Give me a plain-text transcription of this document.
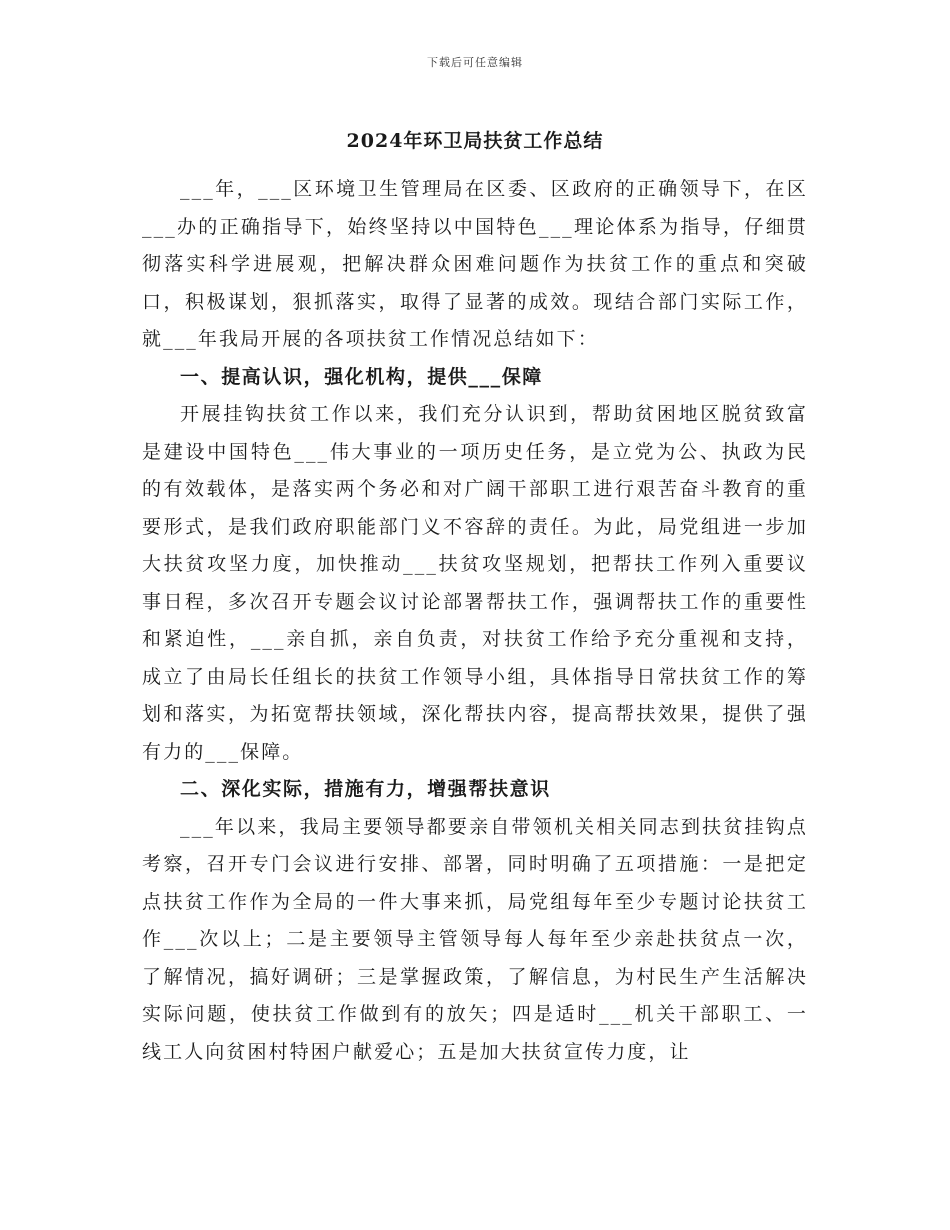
下载后可任意编辑
2024年环卫局扶贫工作总结

___年，___区环境卫生管理局在区委、区政府的正确领导下，在区___办的正确指导下，始终坚持以中国特色___理论体系为指导，仔细贯彻落实科学进展观，把解决群众困难问题作为扶贫工作的重点和突破口，积极谋划，狠抓落实，取得了显著的成效。现结合部门实际工作，就___年我局开展的各项扶贫工作情况总结如下：

一、提高认识，强化机构，提供___保障

开展挂钩扶贫工作以来，我们充分认识到，帮助贫困地区脱贫致富是建设中国特色___伟大事业的一项历史任务，是立党为公、执政为民的有效载体，是落实两个务必和对广阔干部职工进行艰苦奋斗教育的重要形式，是我们政府职能部门义不容辞的责任。为此，局党组进一步加大扶贫攻坚力度，加快推动___扶贫攻坚规划，把帮扶工作列入重要议事日程，多次召开专题会议讨论部署帮扶工作，强调帮扶工作的重要性和紧迫性，___亲自抓，亲自负责，对扶贫工作给予充分重视和支持，成立了由局长任组长的扶贫工作领导小组，具体指导日常扶贫工作的筹划和落实，为拓宽帮扶领域，深化帮扶内容，提高帮扶效果，提供了强有力的___保障。

二、深化实际，措施有力，增强帮扶意识

___年以来，我局主要领导都要亲自带领机关相关同志到扶贫挂钩点考察，召开专门会议进行安排、部署，同时明确了五项措施：一是把定点扶贫工作作为全局的一件大事来抓，局党组每年至少专题讨论扶贫工作___次以上；二是主要领导主管领导每人每年至少亲赴扶贫点一次，了解情况，搞好调研；三是掌握政策，了解信息，为村民生产生活解决实际问题，使扶贫工作做到有的放矢；四是适时___机关干部职工、一线工人向贫困村特困户献爱心；五是加大扶贫宣传力度，让
